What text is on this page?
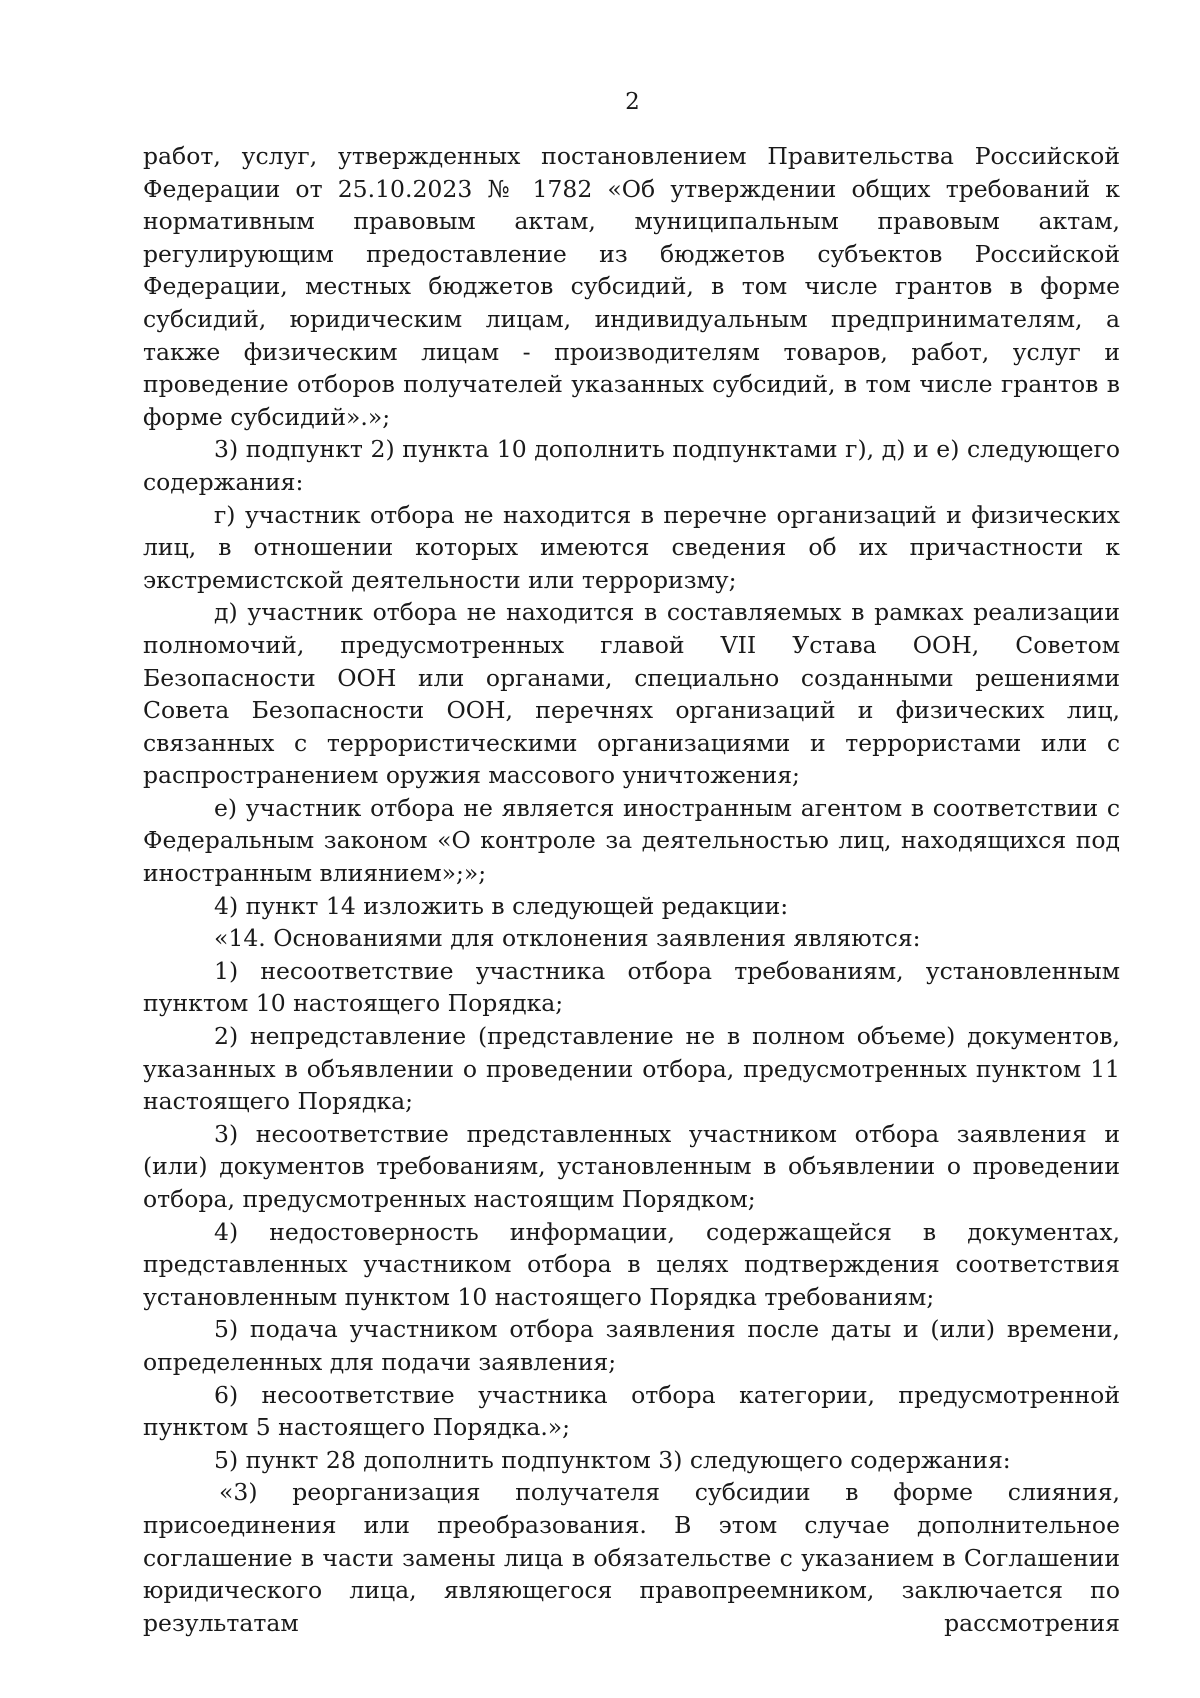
2

работ, услуг, утвержденных постановлением Правительства Российской Федерации от 25.10.2023 № 1782 «Об утверждении общих требований к нормативным правовым актам, муниципальным правовым актам, регулирующим предоставление из бюджетов субъектов Российской Федерации, местных бюджетов субсидий, в том числе грантов в форме субсидий, юридическим лицам, индивидуальным предпринимателям, а также физическим лицам - производителям товаров, работ, услуг и проведение отборов получателей указанных субсидий, в том числе грантов в форме субсидий».»;

3) подпункт 2) пункта 10 дополнить подпунктами г), д) и е) следующего содержания:

г) участник отбора не находится в перечне организаций и физических лиц, в отношении которых имеются сведения об их причастности к экстремистской деятельности или терроризму;

д) участник отбора не находится в составляемых в рамках реализации полномочий, предусмотренных главой VII Устава ООН, Советом Безопасности ООН или органами, специально созданными решениями Совета Безопасности ООН, перечнях организаций и физических лиц, связанных с террористическими организациями и террористами или с распространением оружия массового уничтожения;

е) участник отбора не является иностранным агентом в соответствии с Федеральным законом «О контроле за деятельностью лиц, находящихся под иностранным влиянием»;»;

4) пункт 14 изложить в следующей редакции:

«14. Основаниями для отклонения заявления являются:

1) несоответствие участника отбора требованиям, установленным пунктом 10 настоящего Порядка;

2) непредставление (представление не в полном объеме) документов, указанных в объявлении о проведении отбора, предусмотренных пунктом 11 настоящего Порядка;

3) несоответствие представленных участником отбора заявления и (или) документов требованиям, установленным в объявлении о проведении отбора, предусмотренных настоящим Порядком;

4) недостоверность информации, содержащейся в документах, представленных участником отбора в целях подтверждения соответствия установленным пунктом 10 настоящего Порядка требованиям;

5) подача участником отбора заявления после даты и (или) времени, определенных для подачи заявления;

6) несоответствие участника отбора категории, предусмотренной пунктом 5 настоящего Порядка.»;

5) пункт 28 дополнить подпунктом 3) следующего содержания:

«3) реорганизация получателя субсидии в форме слияния, присоединения или преобразования. В этом случае дополнительное соглашение в части замены лица в обязательстве с указанием в Соглашении юридического лица, являющегося правопреемником, заключается по результатам рассмотрения
